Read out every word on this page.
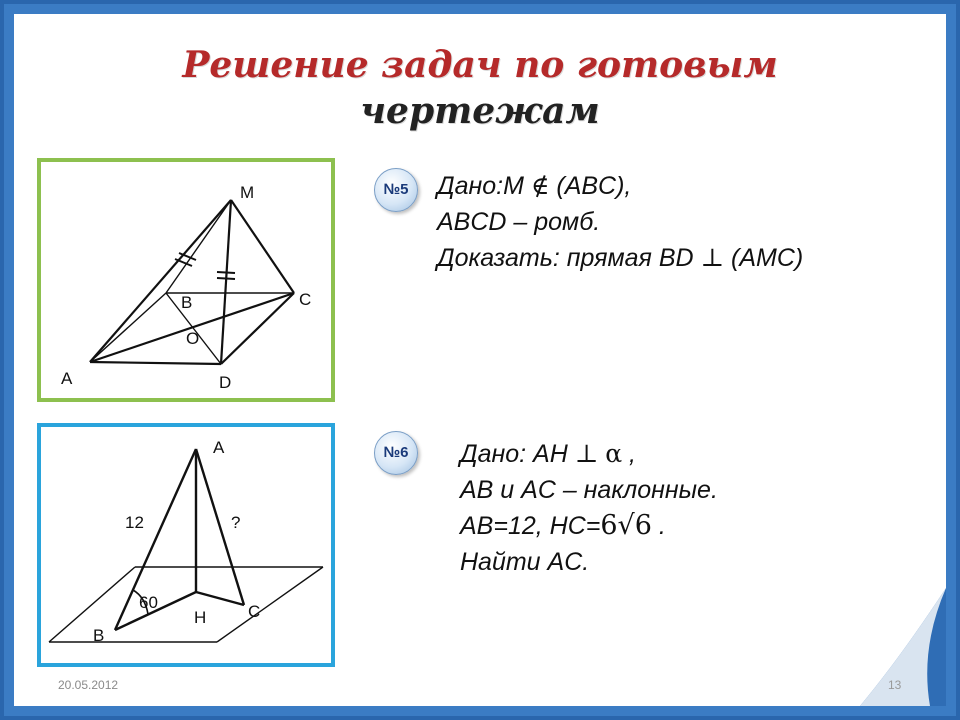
Решение задач по готовым
чертежам
M
B	C
O
A	D
A
12	?
60
H
B
C
№5
№6
Дано:M ∉ (ABC),
ABCD – ромб.
Доказать: прямая BD ⊥ (AMC)
Дано: AH ⊥ α ,
AB и AC – наклонные.
AB=12, HC=6√6 .
Найти AC.
20.05.2012	13
